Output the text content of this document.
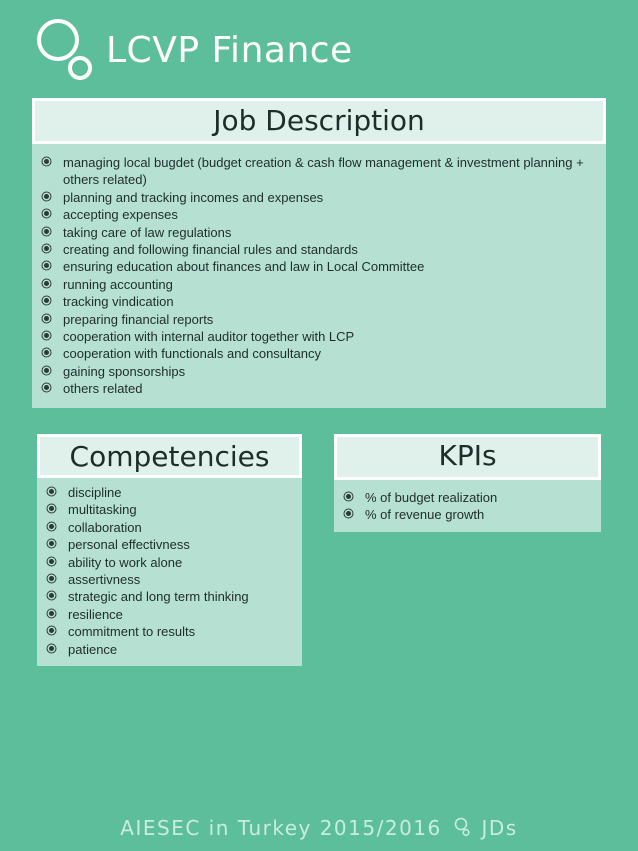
LCVP Finance
Job Description
managing local bugdet (budget creation & cash flow management & investment planning + others related)
planning and tracking incomes and expenses
accepting expenses
taking care of law regulations
creating and following financial rules and standards
ensuring education about finances and law in Local Committee
running accounting
tracking vindication
preparing financial reports
cooperation with internal auditor together with LCP
cooperation with functionals and consultancy
gaining sponsorships
others related
Competencies
discipline
multitasking
collaboration
personal effectivness
ability to work alone
assertivness
strategic and long term thinking
resilience
commitment to results
patience
KPIs
% of budget realization
% of revenue growth
AIESEC in Turkey 2015/2016 JDs
